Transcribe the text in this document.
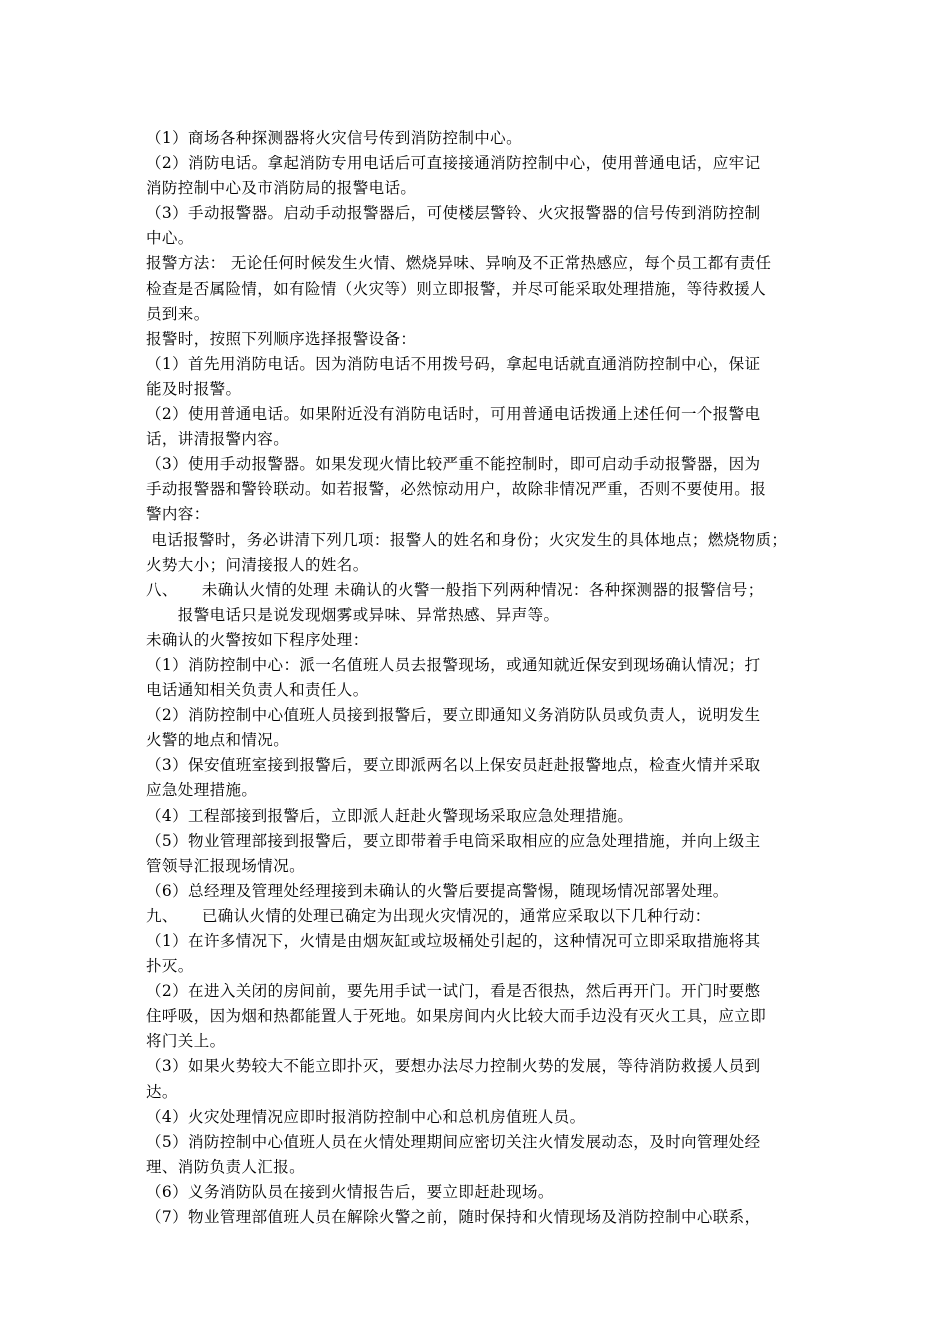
（1）商场各种探测器将火灾信号传到消防控制中心。
（2）消防电话。拿起消防专用电话后可直接接通消防控制中心，使用普通电话，应牢记
消防控制中心及市消防局的报警电话。
（3）手动报警器。启动手动报警器后，可使楼层警铃、火灾报警器的信号传到消防控制
中心。
报警方法： 无论任何时候发生火情、燃烧异味、异响及不正常热感应，每个员工都有责任
检查是否属险情，如有险情（火灾等）则立即报警，并尽可能采取处理措施，等待救援人
员到来。
报警时，按照下列顺序选择报警设备：
（1）首先用消防电话。因为消防电话不用拨号码，拿起电话就直通消防控制中心，保证
能及时报警。
（2）使用普通电话。如果附近没有消防电话时，可用普通电话拨通上述任何一个报警电
话，讲清报警内容。
（3）使用手动报警器。如果发现火情比较严重不能控制时，即可启动手动报警器，因为
手动报警器和警铃联动。如若报警，必然惊动用户，故除非情况严重，否则不要使用。报
警内容：
电话报警时，务必讲清下列几项：报警人的姓名和身份；火灾发生的具体地点；燃烧物质；
火势大小；问清接报人的姓名。
八、　　未确认火情的处理 未确认的火警一般指下列两种情况：各种探测器的报警信号；
　　报警电话只是说发现烟雾或异味、异常热感、异声等。
未确认的火警按如下程序处理：
（1）消防控制中心：派一名值班人员去报警现场，或通知就近保安到现场确认情况；打
电话通知相关负责人和责任人。
（2）消防控制中心值班人员接到报警后，要立即通知义务消防队员或负责人，说明发生
火警的地点和情况。
（3）保安值班室接到报警后，要立即派两名以上保安员赶赴报警地点，检查火情并采取
应急处理措施。
（4）工程部接到报警后，立即派人赶赴火警现场采取应急处理措施。
（5）物业管理部接到报警后，要立即带着手电筒采取相应的应急处理措施，并向上级主
管领导汇报现场情况。
（6）总经理及管理处经理接到未确认的火警后要提高警惕，随现场情况部署处理。
九、　　已确认火情的处理已确定为出现火灾情况的，通常应采取以下几种行动：
（1）在许多情况下，火情是由烟灰缸或垃圾桶处引起的，这种情况可立即采取措施将其
扑灭。
（2）在进入关闭的房间前，要先用手试一试门，看是否很热，然后再开门。开门时要憋
住呼吸，因为烟和热都能置人于死地。如果房间内火比较大而手边没有灭火工具，应立即
将门关上。
（3）如果火势较大不能立即扑灭，要想办法尽力控制火势的发展，等待消防救援人员到
达。
（4）火灾处理情况应即时报消防控制中心和总机房值班人员。
（5）消防控制中心值班人员在火情处理期间应密切关注火情发展动态，及时向管理处经
理、消防负责人汇报。
（6）义务消防队员在接到火情报告后，要立即赶赴现场。
（7）物业管理部值班人员在解除火警之前，随时保持和火情现场及消防控制中心联系，
